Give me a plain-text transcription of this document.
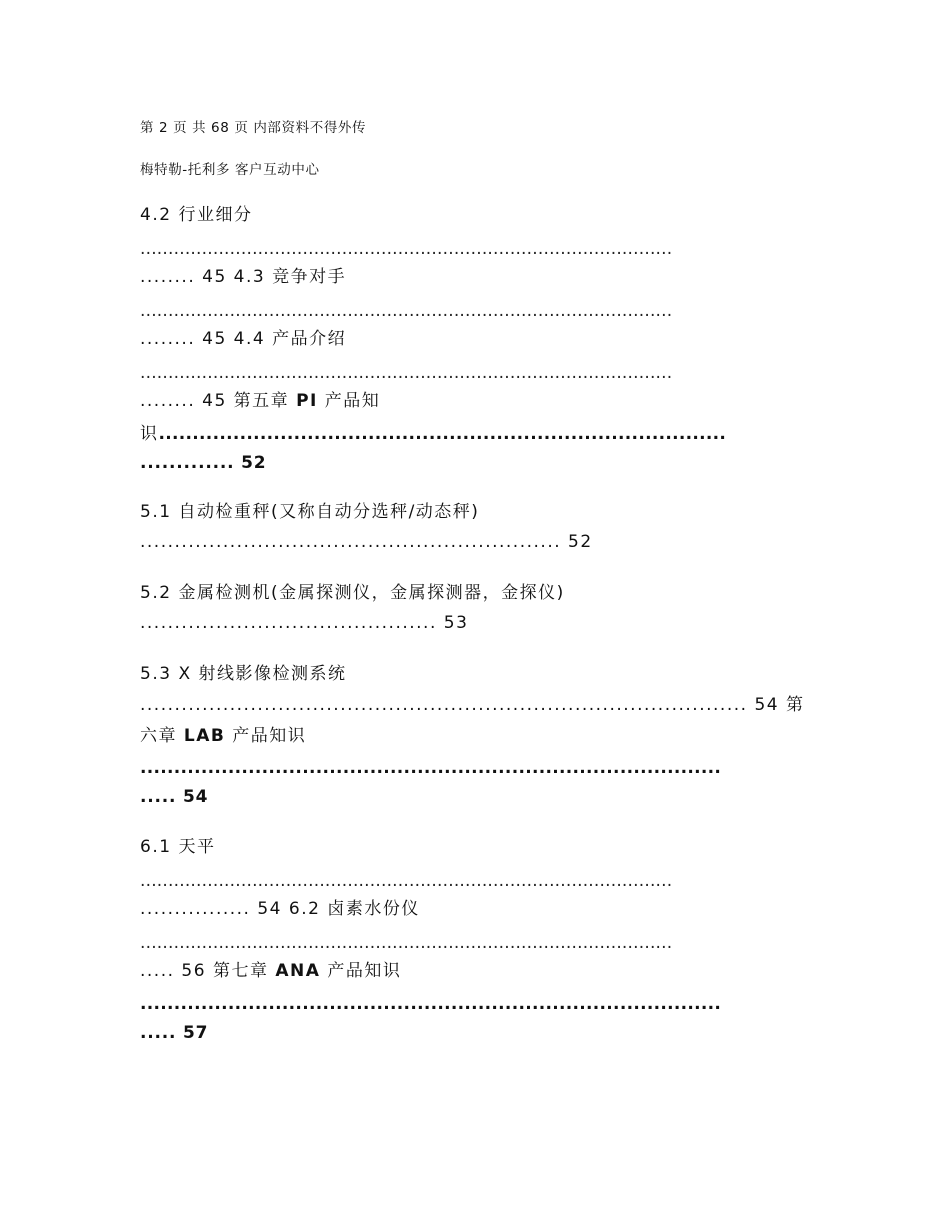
第 2 页 共 68 页 内部资料不得外传
梅特勒-托利多 客户互动中心
4.2 行业细分
...............................................................................................
........ 45 4.3 竞争对手
...............................................................................................
........ 45 4.4 产品介绍
...............................................................................................
........ 45 第五章 PI 产品知
识....................................................................................
............. 52
5.1 自动检重秤(又称自动分选秤/动态秤)
............................................................. 52
5.2 金属检测机(金属探测仪，金属探测器，金探仪)
........................................... 53
5.3 X 射线影像检测系统
........................................................................................ 54 第
六章 LAB 产品知识
......................................................................................
..... 54
6.1 天平
...............................................................................................
................ 54 6.2 卤素水份仪
...............................................................................................
..... 56 第七章 ANA 产品知识
......................................................................................
..... 57
